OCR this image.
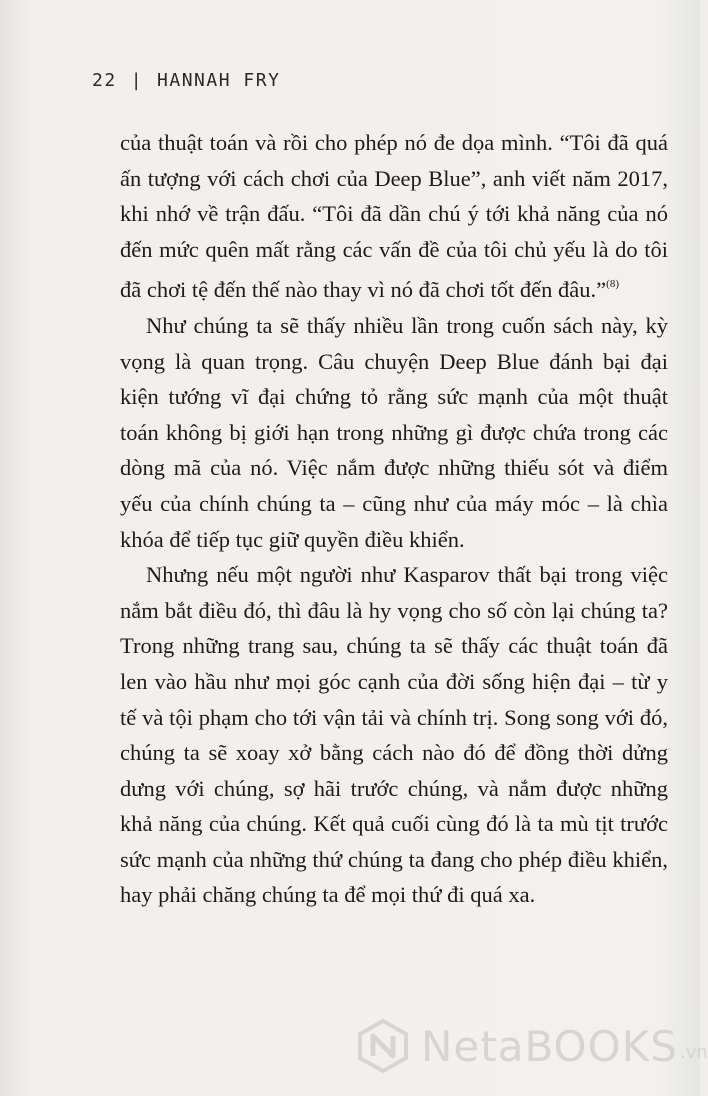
22 | HANNAH FRY

của thuật toán và rồi cho phép nó đe dọa mình. “Tôi đã quá ấn tượng với cách chơi của Deep Blue”, anh viết năm 2017, khi nhớ về trận đấu. “Tôi đã dần chú ý tới khả năng của nó đến mức quên mất rằng các vấn đề của tôi chủ yếu là do tôi đã chơi tệ đến thế nào thay vì nó đã chơi tốt đến đâu.”$^{(8)}$

Như chúng ta sẽ thấy nhiều lần trong cuốn sách này, kỳ vọng là quan trọng. Câu chuyện Deep Blue đánh bại đại kiện tướng vĩ đại chứng tỏ rằng sức mạnh của một thuật toán không bị giới hạn trong những gì được chứa trong các dòng mã của nó. Việc nắm được những thiếu sót và điểm yếu của chính chúng ta – cũng như của máy móc – là chìa khóa để tiếp tục giữ quyền điều khiển.

Nhưng nếu một người như Kasparov thất bại trong việc nắm bắt điều đó, thì đâu là hy vọng cho số còn lại chúng ta? Trong những trang sau, chúng ta sẽ thấy các thuật toán đã len vào hầu như mọi góc cạnh của đời sống hiện đại – từ y tế và tội phạm cho tới vận tải và chính trị. Song song với đó, chúng ta sẽ xoay xở bằng cách nào đó để đồng thời dửng dưng với chúng, sợ hãi trước chúng, và nắm được những khả năng của chúng. Kết quả cuối cùng đó là ta mù tịt trước sức mạnh của những thứ chúng ta đang cho phép điều khiển, hay phải chăng chúng ta để mọi thứ đi quá xa.

NetaBOOKS .vn
